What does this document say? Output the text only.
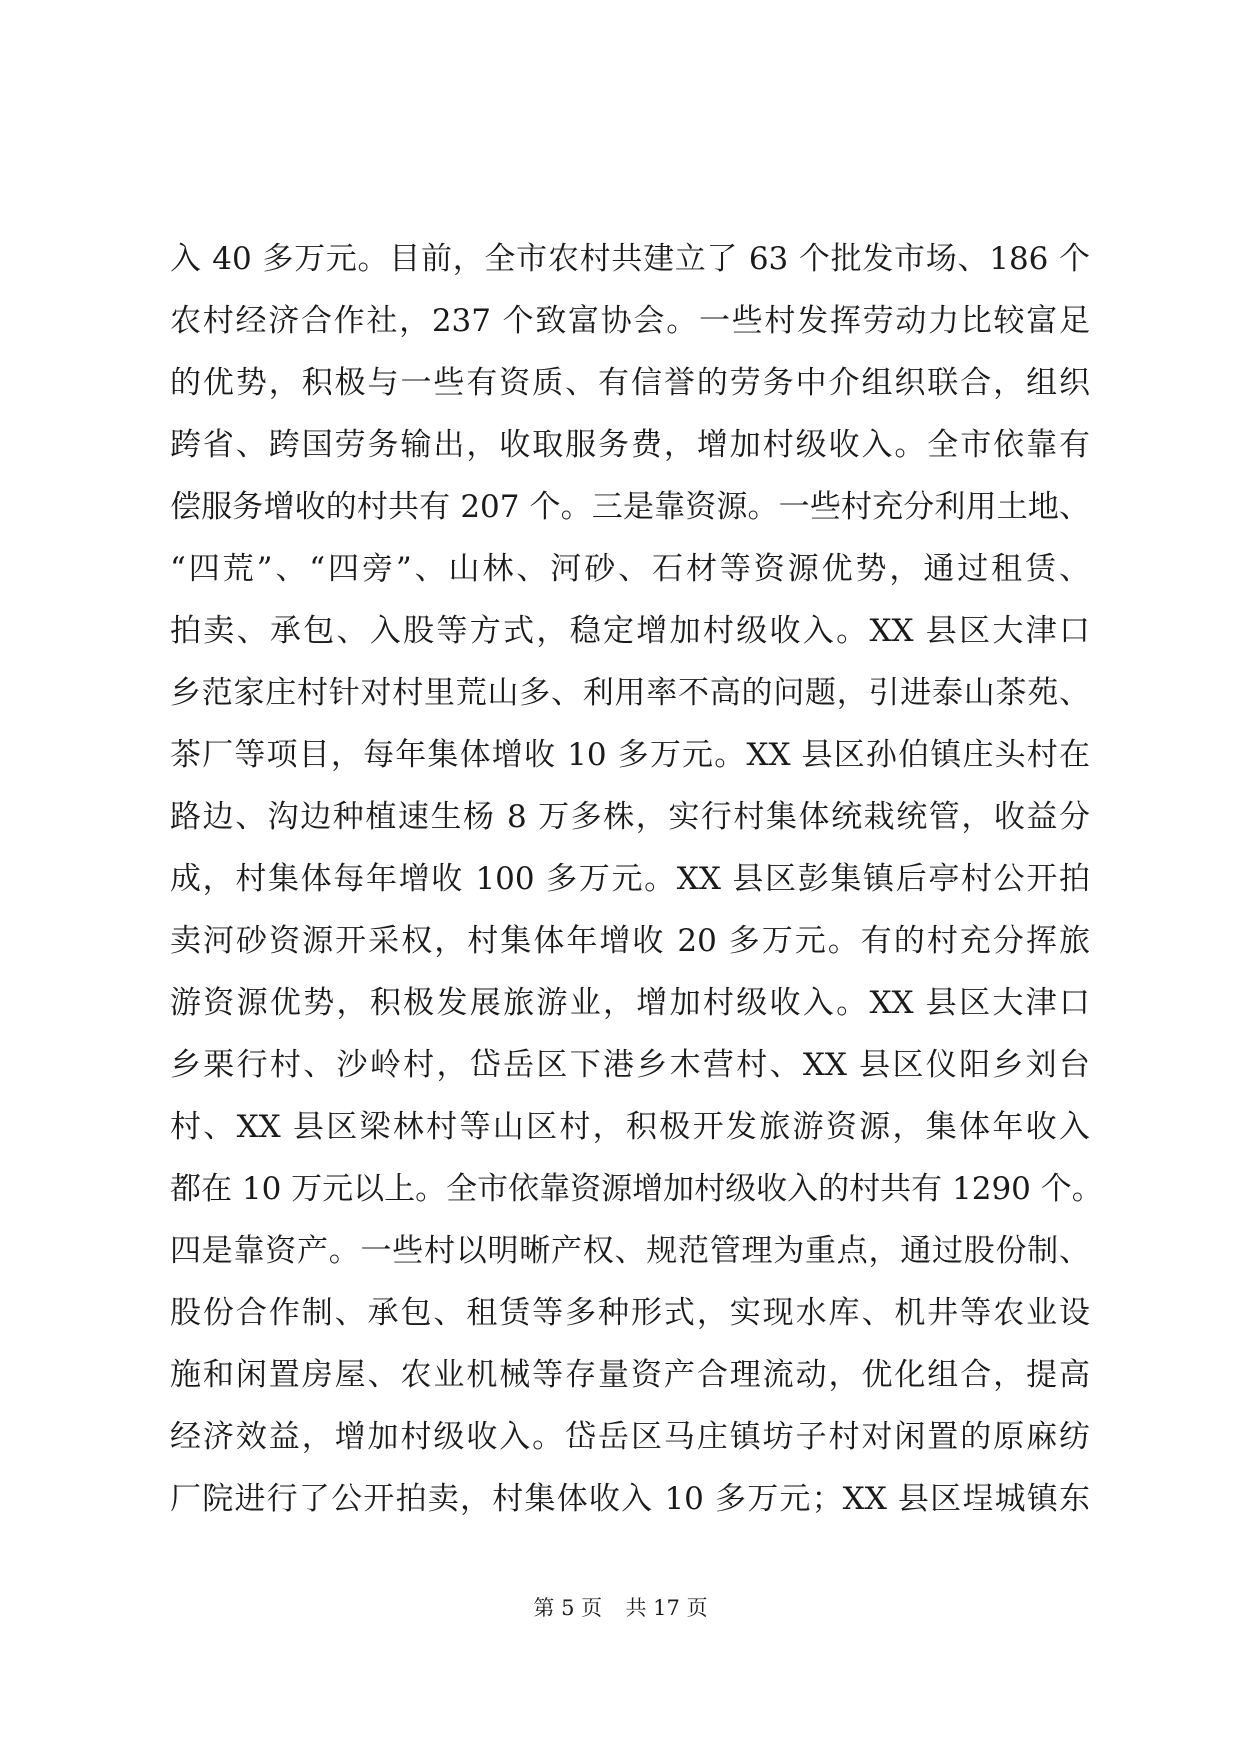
入 40 多万元。目前，全市农村共建立了 63 个批发市场、186 个
农村经济合作社，237 个致富协会。一些村发挥劳动力比较富足
的优势，积极与一些有资质、有信誉的劳务中介组织联合，组织
跨省、跨国劳务输出，收取服务费，增加村级收入。全市依靠有
偿服务增收的村共有 207 个。三是靠资源。一些村充分利用土地、
“四荒”、“四旁”、山林、河砂、石材等资源优势，通过租赁、
拍卖、承包、入股等方式，稳定增加村级收入。XX 县区大津口
乡范家庄村针对村里荒山多、利用率不高的问题，引进泰山茶苑、
茶厂等项目，每年集体增收 10 多万元。XX 县区孙伯镇庄头村在
路边、沟边种植速生杨 8 万多株，实行村集体统栽统管，收益分
成，村集体每年增收 100 多万元。XX 县区彭集镇后亭村公开拍
卖河砂资源开采权，村集体年增收 20 多万元。有的村充分挥旅
游资源优势，积极发展旅游业，增加村级收入。XX 县区大津口
乡栗行村、沙岭村，岱岳区下港乡木营村、XX 县区仪阳乡刘台
村、XX 县区梁林村等山区村，积极开发旅游资源，集体年收入
都在 10 万元以上。全市依靠资源增加村级收入的村共有 1290 个。
四是靠资产。一些村以明晰产权、规范管理为重点，通过股份制、
股份合作制、承包、租赁等多种形式，实现水库、机井等农业设
施和闲置房屋、农业机械等存量资产合理流动，优化组合，提高
经济效益，增加村级收入。岱岳区马庄镇坊子村对闲置的原麻纺
厂院进行了公开拍卖，村集体收入 10 多万元；XX 县区埕城镇东
第 5 页 共 17 页
